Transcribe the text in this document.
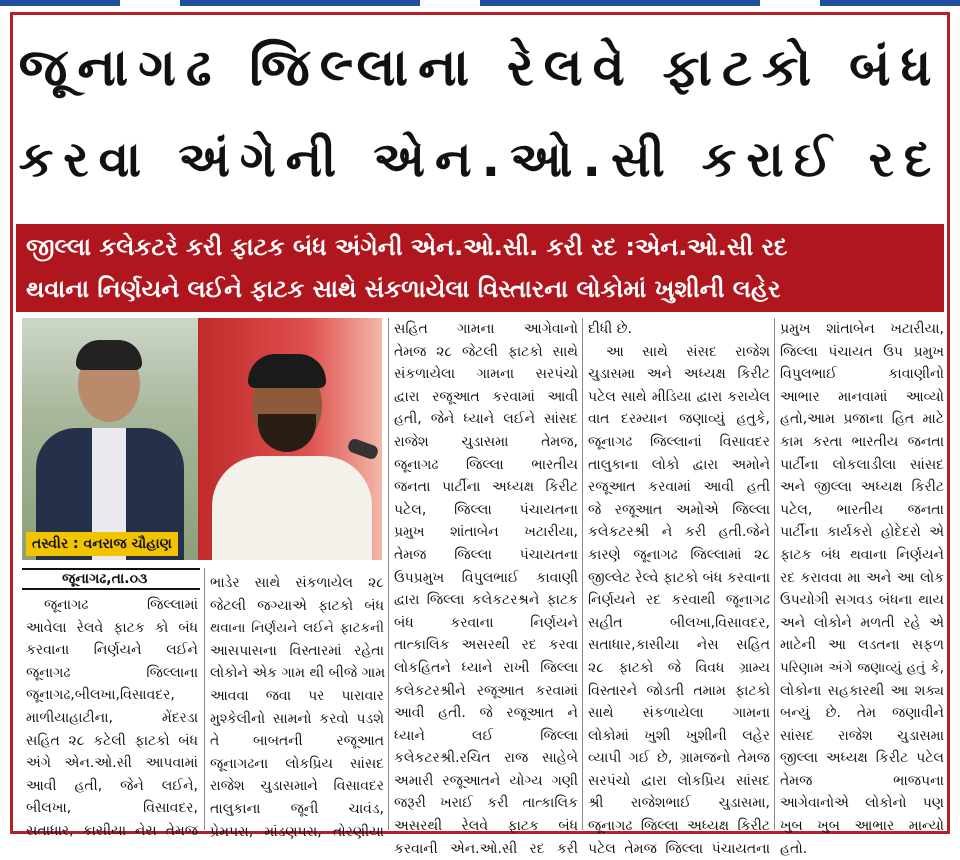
જૂનાગઢ જિલ્લાના રેલવે ફાટકો બંધ
કરવા અંગેની એન.ઓ.સી કરાઈ રદ
જીલ્લા કલેકટરે કરી ફાટક બંધ અંગેની એન.ઓ.સી. કરી રદ :એન.ઓ.સી રદ
થવાના નિર્ણયને લઈને ફાટક સાથે સંકળાયેલા વિસ્તારના લોકોમાં ખુશીની લહેર
તસ્વીર : વનરાજ ચૌહાણ
જૂનાગઢ,તા.૦૩
જૂનાગઢ જિલ્લામાં
આવેલા રેલવે ફાટક કો બંધ
કરવાના નિર્ણયને લઈને
જૂનાગઢ જિલ્લાના
જૂનાગઢ,બીલખા,વિસાવદર,
માળીયાહાટીના, મેંદરડા
સહિત ૨૮ કટેલી ફાટકો બંધ
અંગે એન.ઓ.સી આપવામાં
આવી હતી, જેને લઈને,
બીલખા, વિસાવદર,
સતાધાર, કાસીયા નેસ તેમજ
ભાડેર સાથે સંકળાયેલ ૨૮
જેટલી જગ્યાએ ફાટકો બંધ
થવાના નિર્ણયને લઈને ફાટકની
આસપાસના વિસ્તારમાં રહેતા
લોકોને એક ગામ થી બીજે ગામ
આવવા જવા પર પારાવાર
મુશ્કેલીનો સામનો કરવો પડશે
તે બાબતની રજૂઆત
જૂનાગઢના લોકપ્રિય સાંસદ
રાજેશ ચુડાસમાને વિસાવદર
તાલુકાના જૂની ચાવંડ,
પ્રેમપરા, માંડણપરા, તોરણીયા
સહિત ગામના આગેવાનો
તેમજ ૨૮ જેટલી ફાટકો સાથે
સંકળાયેલા ગામના સરપંચો
દ્વારા રજૂઆત કરવામાં આવી
હતી, જેને ધ્યાને લઈને સાંસદ
રાજેશ ચુડાસમા તેમજ,
જૂનાગઢ જિલ્લા ભારતીય
જનતા પાર્ટીના અધ્યક્ષ કિરીટ
પટેલ, જિલ્લા પંચાયતના
પ્રમુખ શાંતાબેન ખટારીયા,
તેમજ જિલ્લા પંચાયતના
ઉપપ્રમુખ વિપુલભાઈ કાવાણી
દ્વારા જિલ્લા કલેકટરશ્રને ફાટક
બંધ કરવાના નિર્ણયને
તાત્કાલિક અસરથી રદ કરવા
લોકહિતને ધ્યાને રાખી જિલ્લા
કલેકટરશ્રીને રજૂઆત કરવામાં
આવી હતી. જે રજૂઆત ને
ધ્યાને લઈ જિલ્લા
કલેકટરશ્રી.રચિત રાજ સાહેબે
અમારી રજૂઆતને યોગ્ય ગણી
જરૂરી ખરાઈ કરી તાત્કાલિક
અસરથી રેલવે ફાટક બંધ
કરવાની એન.ઓ.સી રદ કરી
દીધી છે.
આ સાથે સંસદ રાજેશ
ચુડાસમા અને અધ્યક્ષ કિરીટ
પટેલ સાથે મીડિયા દ્વારા કરાયેલ
વાત દરમ્યાન જણાવ્યું હતુકે,
જૂનાગઢ જિલ્લાનાં વિસાવદર
તાલુકાના લોકો દ્વારા અમોને
રજૂઆત કરવામાં આવી હતી
જે રજૂઆત અમોએ જિલ્લા
કલેકટરશ્રી ને કરી હતી.જેને
કારણે જૂનાગઢ જિલ્લામાં ૨૮
જીલ્લેટ રેલ્વે ફાટકો બંધ કરવાના
નિર્ણયને રદ કરવાથી જૂનાગઢ
સહીત બીલખા,વિસાવદર,
સતાધાર,કાસીયા નેસ સહિત
૨૮ ફાટકો જે વિવધ ગ્રામ્ય
વિસ્તારને જોડતી તમામ ફાટકો
સાથે સંકળાયેલા ગામના
લોકોમાં ખુશી ખુશીની લહેર
વ્યાપી ગઈ છે, ગ્રામજનો તેમજ
સરપંચો દ્વારા લોકપ્રિય સાંસદ
શ્રી રાજેશભાઈ ચુડાસમા,
જૂનાગઢ જિલ્લા અધ્યક્ષ કિરીટ
પટેલ તેમજ જિલ્લા પંચાયતના
પ્રમુખ શાંતાબેન ખટારીયા,
જિલ્લા પંચાયત ઉપ પ્રમુખ
વિપુલભાઈ કાવાણીનો
આભાર માનવામાં આવ્યો
હતો,આમ પ્રજાના હિત માટે
કામ કરતા ભારતીય જનતા
પાર્ટીના લોકલાડીલા સાંસદ
અને જીલ્લા અધ્યક્ષ કિરીટ
પટેલ, ભારતીય જનતા
પાર્ટીના કાર્યકરો હોદેદરો એ
ફાટક બંધ થવાના નિર્ણયને
રદ કરાવવા મા અને આ લોક
ઉપયોગી સગવડ બંધના થાય
અને લોકોને મળતી રહે એ
માટેની આ લડતના સફળ
પરિણામ અંગે જણાવ્યું હતું કે,
લોકોના સહકારથી આ શક્ય
બન્યું છે. તેમ જણાવીને
સાંસદ રાજેશ ચુડાસમા
જીલ્લા અધ્યક્ષ કિરીટ પટેલ
તેમજ ભાજપના
આગેવાનોએ લોકોનો પણ
ખુબ ખુબ આભાર માન્યો
હતો.
